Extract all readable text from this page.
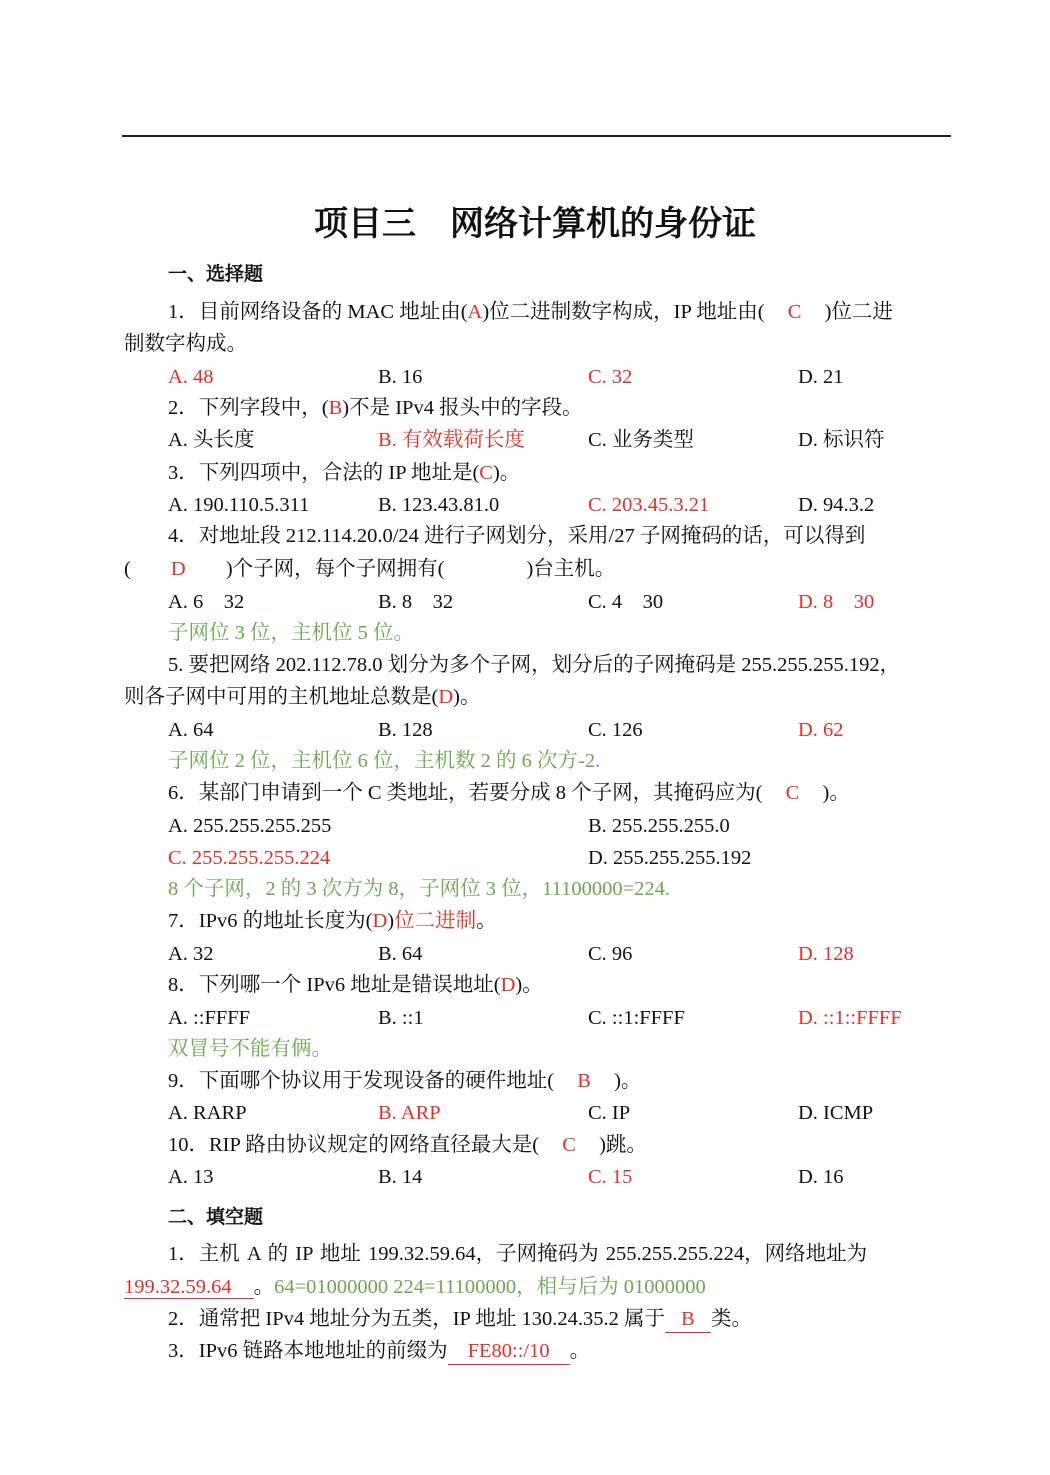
项目三 网络计算机的身份证
一、选择题
1．目前网络设备的 MAC 地址由(A)位二进制数字构成，IP 地址由( C )位二进
制数字构成。
A. 48	B. 16	C. 32	D. 21
2．下列字段中，(B)不是 IPv4 报头中的字段。
A. 头长度	B. 有效载荷长度	C. 业务类型	D. 标识符
3．下列四项中，合法的 IP 地址是(C)。
A. 190.110.5.311	B. 123.43.81.0	C. 203.45.3.21	D. 94.3.2
4．对地址段 212.114.20.0/24 进行子网划分，采用/27 子网掩码的话，可以得到
( D )个子网，每个子网拥有(	)台主机。
A. 6　32	B. 8　32	C. 4　30	D. 8　30
子网位 3 位，主机位 5 位。
5. 要把网络 202.112.78.0 划分为多个子网，划分后的子网掩码是 255.255.255.192，
则各子网中可用的主机地址总数是(D)。
A. 64	B. 128	C. 126	D. 62
子网位 2 位，主机位 6 位，主机数 2 的 6 次方-2.
6．某部门申请到一个 C 类地址，若要分成 8 个子网，其掩码应为( C )。
A. 255.255.255.255	B. 255.255.255.0
C. 255.255.255.224	D. 255.255.255.192
8 个子网，2 的 3 次方为 8，子网位 3 位，11100000=224.
7．IPv6 的地址长度为(D)位二进制。
A. 32	B. 64	C. 96	D. 128
8．下列哪一个 IPv6 地址是错误地址(D)。
A. ::FFFF	B. ::1	C. ::1:FFFF	D. ::1::FFFF
双冒号不能有俩。
9．下面哪个协议用于发现设备的硬件地址( B )。
A. RARP	B. ARP	C. IP	D. ICMP
10．RIP 路由协议规定的网络直径最大是( C )跳。
A. 13	B. 14	C. 15	D. 16
二、填空题
1．主机 A 的 IP 地址 199.32.59.64，子网掩码为 255.255.255.224，网络地址为
199.32.59.64 。64=01000000 224=11100000，相与后为 01000000
2．通常把 IPv4 地址分为五类，IP 地址 130.24.35.2 属于 B 类。
3．IPv6 链路本地地址的前缀为 FE80::/10 。
